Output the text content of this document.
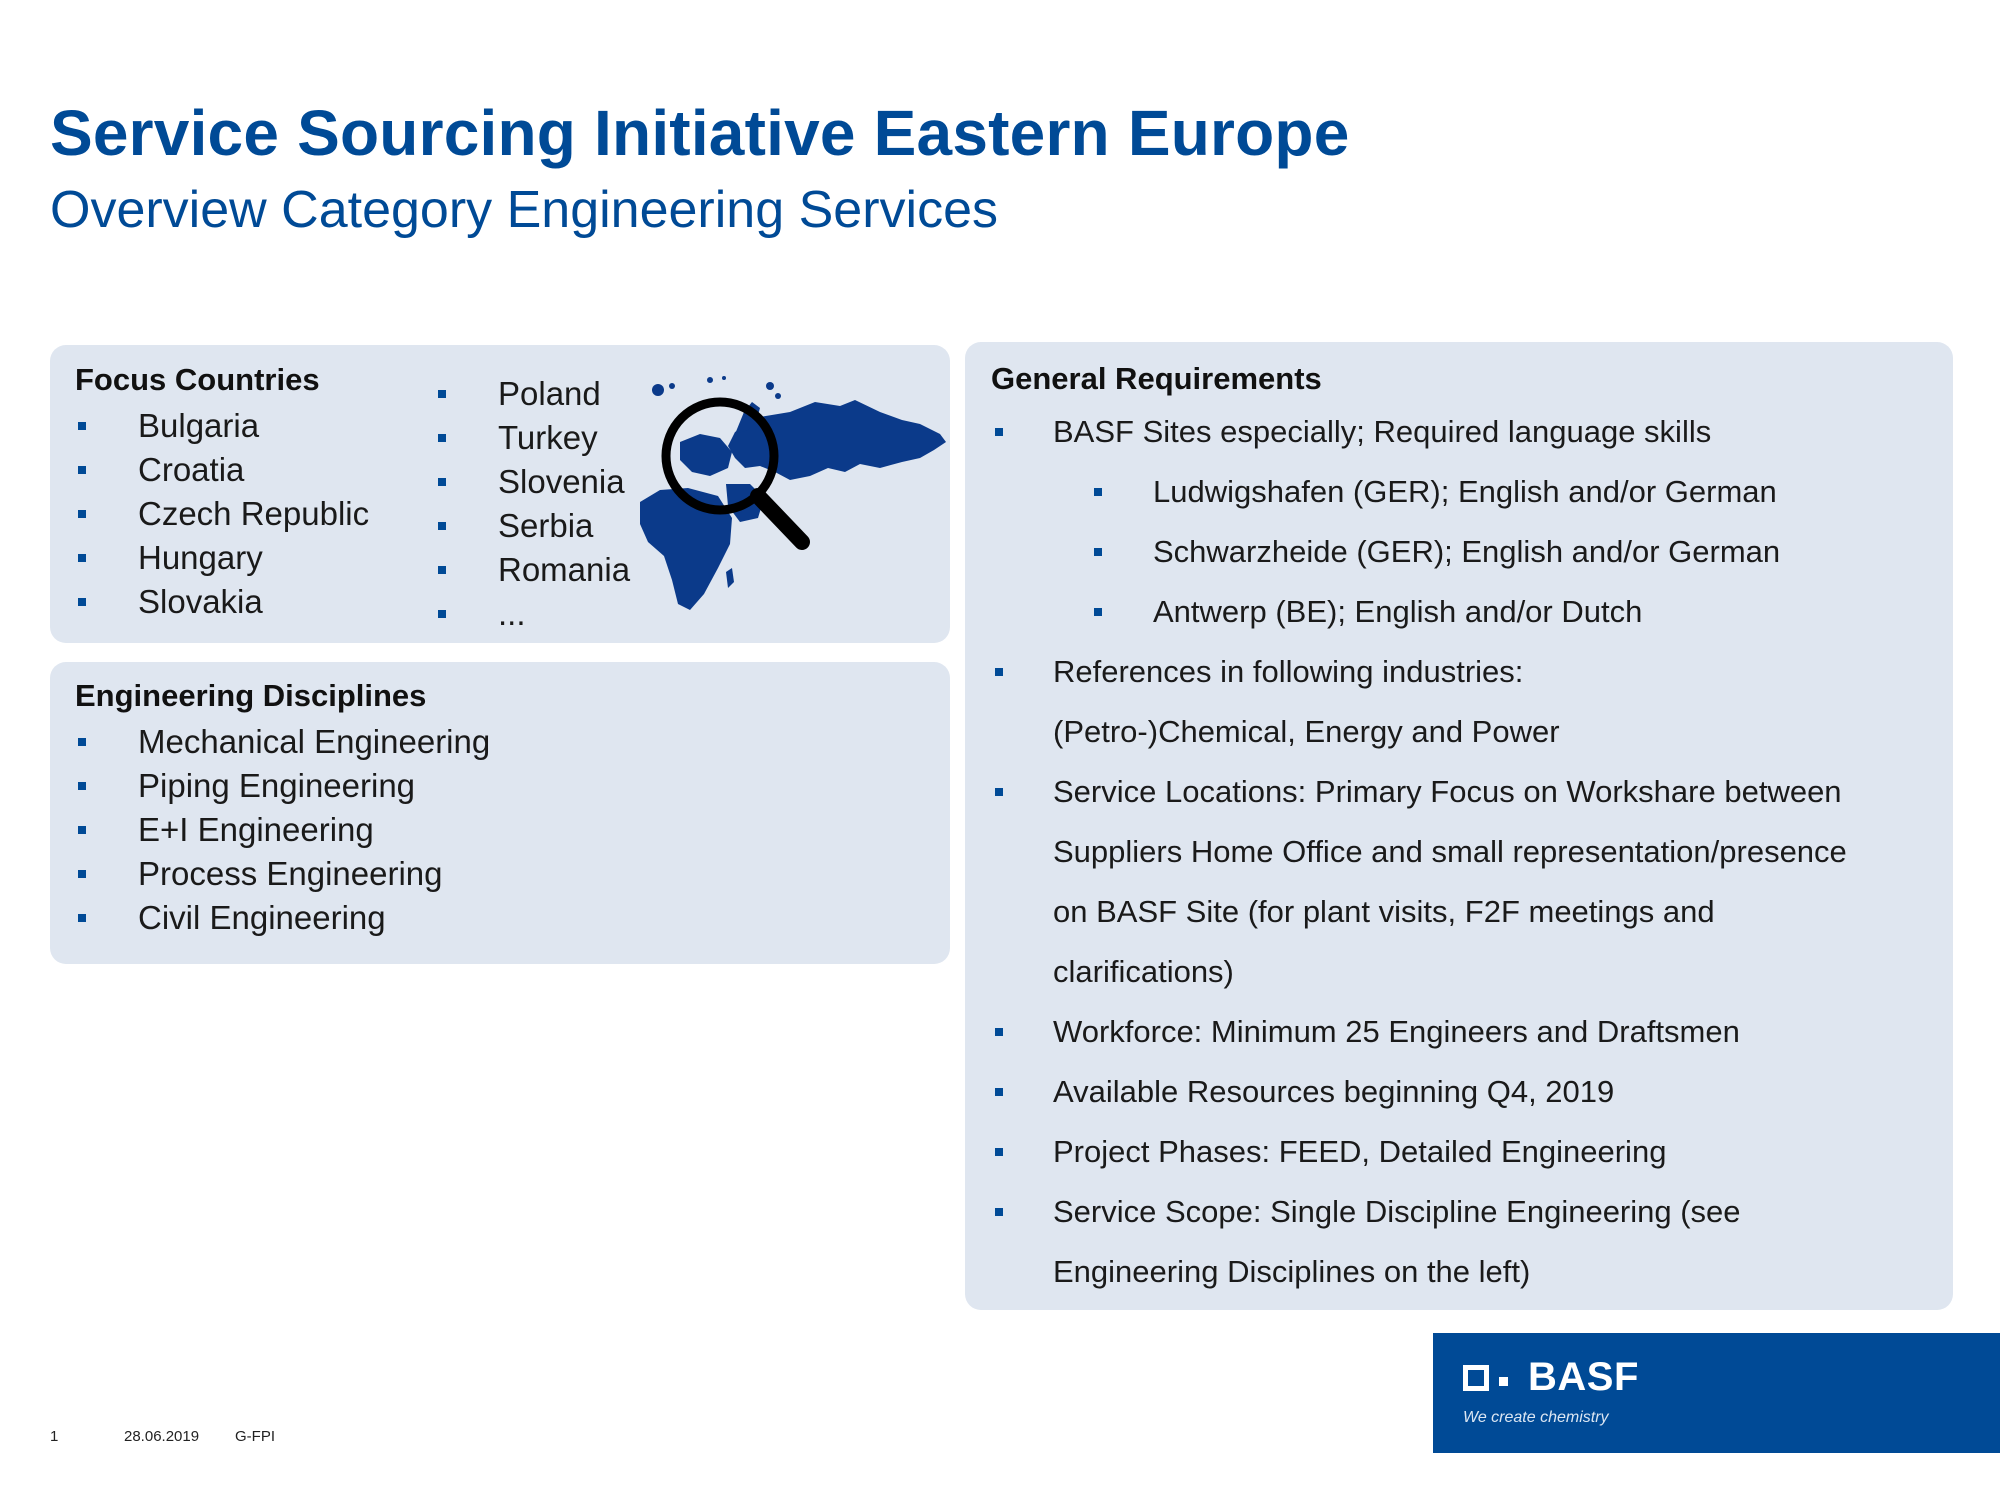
Service Sourcing Initiative Eastern Europe
Overview Category Engineering Services
Focus Countries
Bulgaria
Croatia
Czech Republic
Hungary
Slovakia
Poland
Turkey
Slovenia
Serbia
Romania
...
Engineering Disciplines
Mechanical Engineering
Piping Engineering
E+I Engineering
Process Engineering
Civil Engineering
General Requirements
BASF Sites especially; Required language skills
Ludwigshafen (GER); English and/or German
Schwarzheide (GER); English and/or German
Antwerp (BE); English and/or Dutch
References in following industries:
(Petro-)Chemical, Energy and Power
Service Locations: Primary Focus on Workshare between
Suppliers Home Office and small representation/presence
on BASF Site (for plant visits, F2F meetings and
clarifications)
Workforce: Minimum 25 Engineers and Draftsmen
Available Resources beginning Q4, 2019
Project Phases: FEED, Detailed Engineering
Service Scope: Single Discipline Engineering (see
Engineering Disciplines on the left)
BASF
We create chemistry
1	28.06.2019 G-FPI
